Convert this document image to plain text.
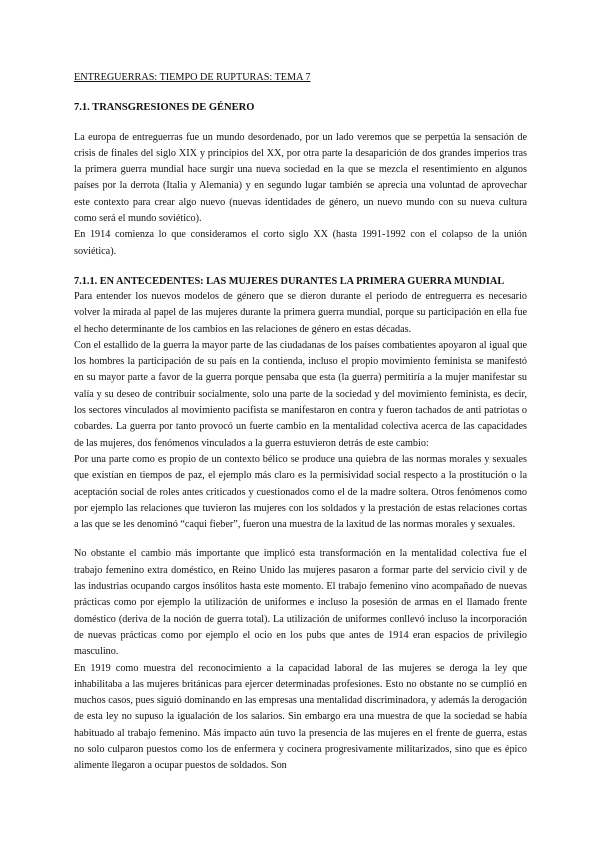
ENTREGUERRAS: TIEMPO DE RUPTURAS: TEMA 7
7.1. TRANSGRESIONES DE GÉNERO

La europa de entreguerras fue un mundo desordenado, por un lado veremos que se perpetúa la sensación de crisis de finales del siglo XIX y principios del XX, por otra parte la desaparición de dos grandes imperios tras la primera guerra mundial hace surgir una nueva sociedad en la que se mezcla el resentimiento en algunos países por la derrota (Italia y Alemania) y en segundo lugar también se aprecia una voluntad de aprovechar este contexto para crear algo nuevo (nuevas identidades de género, un nuevo mundo con su nueva cultura como será el mundo soviético).

En 1914 comienza lo que consideramos el corto siglo XX (hasta 1991-1992 con el colapso de la unión soviética).

7.1.1. EN ANTECEDENTES: LAS MUJERES DURANTES LA PRIMERA GUERRA MUNDIAL

Para entender los nuevos modelos de género que se dieron durante el periodo de entreguerra es necesario volver la mirada al papel de las mujeres durante la primera guerra mundial, porque su participación en ella fue el hecho determinante de los cambios en las relaciones de género en estas décadas.

Con el estallido de la guerra la mayor parte de las ciudadanas de los países combatientes apoyaron al igual que los hombres la participación de su país en la contienda, incluso el propio movimiento feminista se manifestó en su mayor parte a favor de la guerra porque pensaba que esta (la guerra) permitiría a la mujer manifestar su valía y su deseo de contribuir socialmente, solo una parte de la sociedad y del movimiento feminista, es decir, los sectores vinculados al movimiento pacifista se manifestaron en contra y fueron tachados de anti patriotas o cobardes. La guerra por tanto provocó un fuerte cambio en la mentalidad colectiva acerca de las capacidades de las mujeres, dos fenómenos vinculados a la guerra estuvieron detrás de este cambio:

Por una parte como es propio de un contexto bélico se produce una quiebra de las normas morales y sexuales que existían en tiempos de paz, el ejemplo más claro es la permisividad social respecto a la prostitución o la aceptación social de roles antes criticados y cuestionados como el de la madre soltera. Otros fenómenos como por ejemplo las relaciones que tuvieron las mujeres con los soldados y la prestación de estas relaciones cortas a las que se les denominó “caqui fieber”, fueron una muestra de la laxitud de las normas morales y sexuales.

No obstante el cambio más importante que implicó esta transformación en la mentalidad colectiva fue el trabajo femenino extra doméstico, en Reino Unido las mujeres pasaron a formar parte del servicio civil y de las industrias ocupando cargos insólitos hasta este momento. El trabajo femenino vino acompañado de nuevas prácticas como por ejemplo la utilización de uniformes e incluso la posesión de armas en el llamado frente doméstico (deriva de la noción de guerra total). La utilización de uniformes conllevó incluso la incorporación de nuevas prácticas como por ejemplo el ocio en los pubs que antes de 1914 eran espacios de privilegio masculino.

En 1919 como muestra del reconocimiento a la capacidad laboral de las mujeres se deroga la ley que inhabilitaba a las mujeres británicas para ejercer determinadas profesiones. Esto no obstante no se cumplió en muchos casos, pues siguió dominando en las empresas una mentalidad discriminadora, y además la derogación de esta ley no supuso la igualación de los salarios. Sin embargo era una muestra de que la sociedad se había habituado al trabajo femenino. Más impacto aún tuvo la presencia de las mujeres en el frente de guerra, estas no solo culparon puestos como los de enfermera y cocinera progresivamente militarizados, sino que es épico alimente llegaron a ocupar puestos de soldados. Son
